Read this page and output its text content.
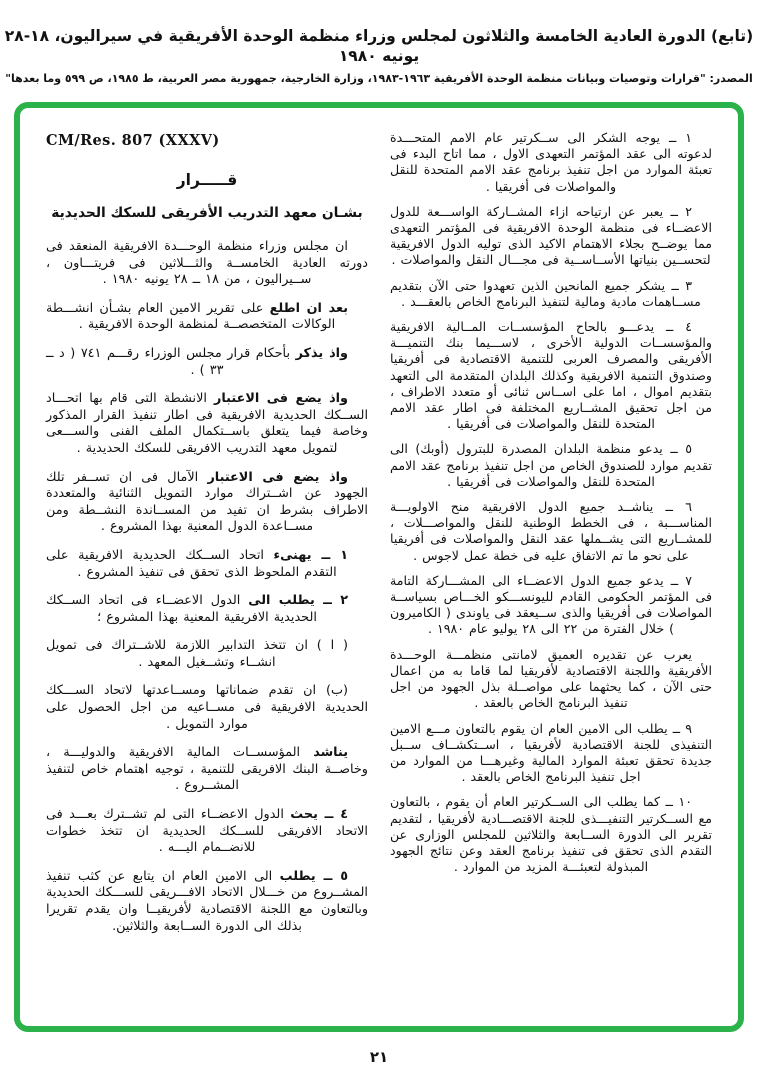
(تابع) الدورة العادية الخامسة والثلاثون لمجلس وزراء منظمة الوحدة الأفريقية في سيراليون، ١٨-٢٨ يونيه ١٩٨٠
المصدر: "قرارات وتوصيات وبيانات منظمة الوحدة الأفريقية ١٩٦٣-١٩٨٣، وزارة الخارجية، جمهورية مصر العربية، ط ١٩٨٥، ص ٥٩٩ وما بعدها"

١ ــ يوجه الشكر الى ســكرتير عام الامم المتحـــدة لدعوته الى عقد المؤتمر التعهدى الاول ، مما اتاح البدء فى تعبئة الموارد من اجل تنفيذ برنامج عقد الامم المتحدة للنقل والمواصلات فى أفريقيا .

٢ ــ يعبر عن ارتياحه ازاء المشــاركة الواســـعة للدول الاعضــاء فى منظمة الوحدة الافريقية فى المؤتمر التعهدى مما يوضــح بجلاء الاهتمام الاكيد الذى توليه الدول الافريقية لتحســين بنياتها الأســاســية فى مجـــال النقل والمواصلات .

٣ ــ يشكر جميع المانحين الذين تعهدوا حتى الآن بتقديم مســاهمات مادية ومالية لتنفيذ البرنامج الخاص بالعقـــد .

٤ ــ يدعـــو بالحاح المؤسســات المــالية الافريقية والمؤسســات الدولية الأخرى ، لاســـيما بنك التنميـــة الأفريقى والمصرف العربى للتنمية الاقتصادية فى أفريقيا وصندوق التنمية الافريقية وكذلك البلدان المتقدمة الى التعهد بتقديم اموال ، اما على اســاس ثنائى أو متعدد الاطراف ، من اجل تحقيق المشــاريع المختلفة فى اطار عقد الامم المتحدة للنقل والمواصلات فى أفريقيا .

٥ ــ يدعو منظمة البلدان المصدرة للبترول (أوبك) الى تقديم موارد للصندوق الخاص من اجل تنفيذ برنامج عقد الامم المتحدة للنقل والمواصلات فى أفريقيا .

٦ ــ يناشــد جميع الدول الافريقية منح الاولويـــة المناســـبة ، فى الخطط الوطنية للنقل والمواصـــلات ، للمشــاريع التى يشــملها عقد النقل والمواصلات فى أفريقيا على نحو ما تم الاتفاق عليه فى خطة عمل لاجوس .

٧ ــ يدعو جميع الدول الاعضــاء الى المشـــاركة التامة فى المؤتمر الحكومى القادم لليونســـكو الخـــاص بسياســة المواصلات فى أفريقيا والذى ســيعقد فى ياوندى ( الكاميرون ) خلال الفترة من ٢٢ الى ٢٨ يوليو عام ١٩٨٠ .

يعرب عن تقديره العميق لامانتى منظمـــة الوحـــدة الأفريقية واللجنة الاقتصادية لأفريقيا لما قاما به من اعمال حتى الآن ، كما يحثهما على مواصــلة بذل الجهود من اجل تنفيذ البرنامج الخاص بالعقد .

٩ ــ يطلب الى الامين العام ان يقوم بالتعاون مـــع الامين التنفيذى للجنة الاقتصادية لأفريقيا ، اســتكشــاف ســبل جديدة تحقق تعبئة الموارد المالية وغيرهـــا من الموارد من اجل تنفيذ البرنامج الخاص بالعقد .

١٠ ــ كما يطلب الى الســكرتير العام أن يقوم ، بالتعاون مع الســكرتير التنفيـــذى للجنة الاقتصـــادية لأفريقيا ، لتقديم تقرير الى الدورة الســابعة والثلاثين للمجلس الوزارى عن التقدم الذى تحقق فى تنفيذ برنامج العقد وعن نتائج الجهود المبذولة لتعبئـــة المزيد من الموارد .

CM/Res. 807 (XXXV)
قـــــرار
بشـان معهد التدريب الأفريقى للسكك الحديدية

ان مجلس وزراء منظمة الوحـــدة الافريقية المنعقد فى دورته العادية الخامســة والثـــلاثين فى فريتـــاون ، ســيراليون ، من ١٨ ــ ٢٨ يونيه ١٩٨٠ .

بعد ان اطلع على تقرير الامين العام بشـأن انشـــطة الوكالات المتخصصــة لمنظمة الوحدة الافريقية .

واذ يذكر بأحكام قرار مجلس الوزراء رقـــم ٧٤١ ( د ــ ٣٣ ) .

واذ يضع فى الاعتبار الانشطة التى قام بها اتحـــاد الســكك الحديدية الافريقية فى اطار تنفيذ القرار المذكور وخاصة فيما يتعلق باســتكمال الملف الفنى والســـعى لتمويل معهد التدريب الافريقى للسكك الحديدية .

واذ يضع فى الاعتبار الآمال فى ان تســفر تلك الجهود عن اشــتراك موارد التمويل الثنائية والمتعددة الاطراف بشرط ان تفيد من المســاندة النشــطة ومن مســاعدة الدول المعنية بهذا المشروع .

١ ــ يهنىء اتحاد الســكك الحديدية الافريقية على التقدم الملحوظ الذى تحقق فى تنفيذ المشروع .

٢ ــ يطلب الى الدول الاعضــاء فى اتحاد الســكك الحديدية الافريقية المعنية بهذا المشروع ؛

( ا ) ان تتخذ التدابير اللازمة للاشــتراك فى تمويل انشــاء وتشــغيل المعهد .

(ب) ان تقدم ضماناتها ومســاعدتها لاتحاد الســـكك الحديدية الافريقية فى مســاعيه من اجل الحصول على موارد التمويل .

يناشد المؤسســات المالية الافريقية والدوليـــة ، وخاصــة البنك الافريقى للتنمية ، توجيه اهتمام خاص لتنفيذ المشــروع .

٤ ــ يحث الدول الاعضــاء التى لم تشــترك بعـــد فى الاتحاد الافريقى للســكك الحديدية ان تتخذ خطوات للانضــمام اليـــه .

٥ ــ يطلب الى الامين العام ان يتابع عن كثب تنفيذ المشــروع من خـــلال الاتحاد الافـــريقى للســـكك الحديدية وبالتعاون مع اللجنة الاقتصادية لأفريقيــا وان يقدم تقريرا بذلك الى الدورة الســابعة والثلاثين.

٢١
